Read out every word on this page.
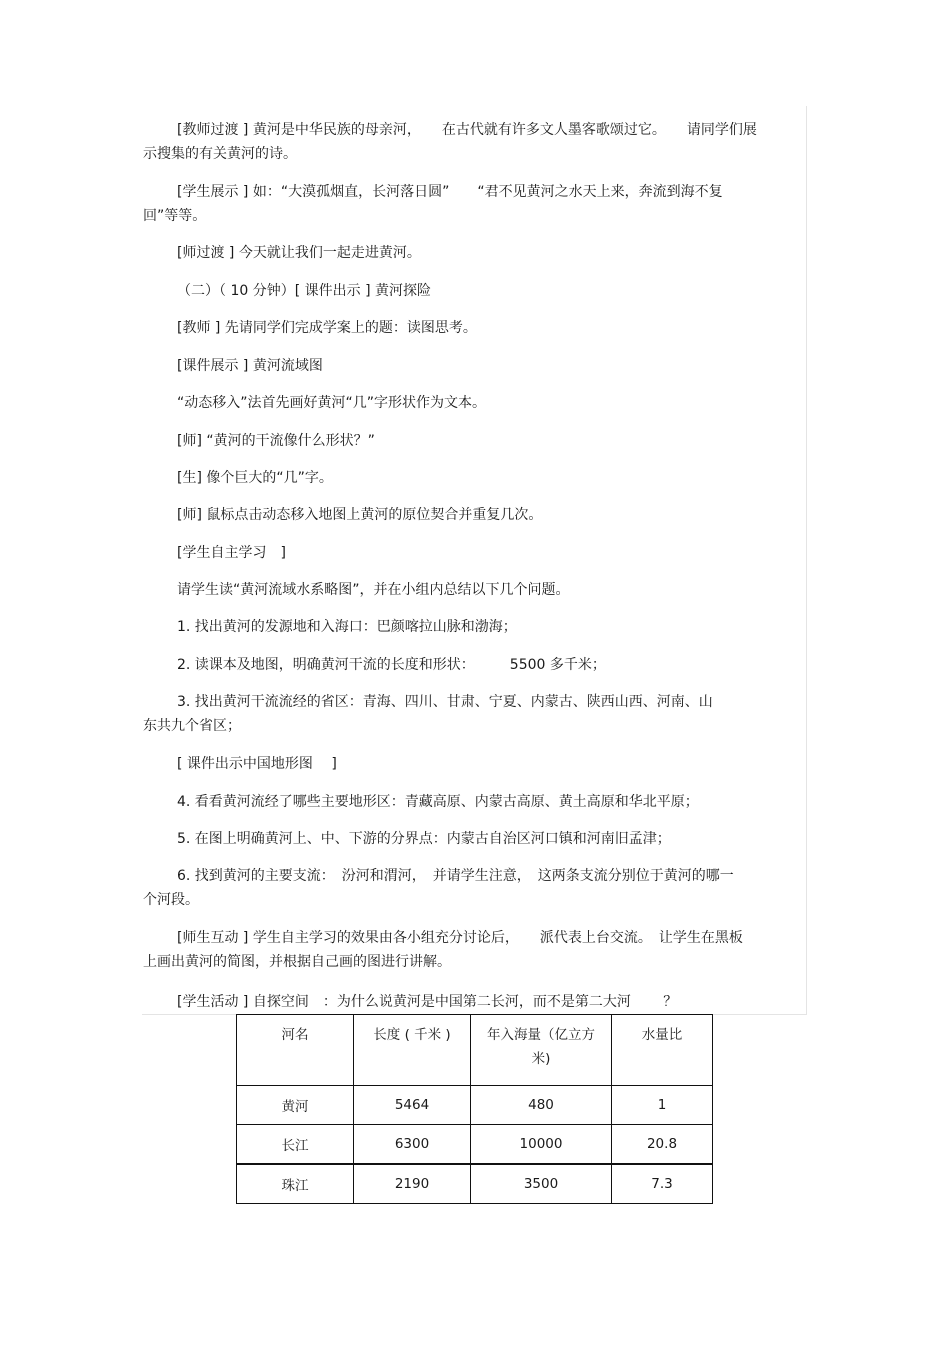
[教师过渡 ] 黄河是中华民族的母亲河，　　在古代就有许多文人墨客歌颂过它。　　请同学们展
示搜集的有关黄河的诗。
[学生展示 ] 如：“大漠孤烟直，长河落日圆”　　“君不见黄河之水天上来，奔流到海不复
回”等等。
[师过渡 ] 今天就让我们一起走进黄河。
（二）（ 10 分钟）[ 课件出示 ] 黄河探险
[教师 ] 先请同学们完成学案上的题：读图思考。
[课件展示 ] 黄河流域图
“动态移入”法首先画好黄河“几”字形状作为文本。
[师] “黄河的干流像什么形状？”
[生] 像个巨大的“几”字。
[师] 鼠标点击动态移入地图上黄河的原位契合并重复几次。
[学生自主学习　]
请学生读“黄河流域水系略图”，并在小组内总结以下几个问题。
1. 找出黄河的发源地和入海口：巴颜喀拉山脉和渤海；
2. 读课本及地图，明确黄河干流的长度和形状：　　　5500 多千米；
3. 找出黄河干流流经的省区：青海、四川、甘肃、宁夏、内蒙古、陕西山西、河南、山
东共九个省区；
[ 课件出示中国地形图　 ]
4. 看看黄河流经了哪些主要地形区：青藏高原、内蒙古高原、黄土高原和华北平原；
5. 在图上明确黄河上、中、下游的分界点：内蒙古自治区河口镇和河南旧孟津；
6. 找到黄河的主要支流：　汾河和渭河，　并请学生注意，　这两条支流分别位于黄河的哪一
个河段。
[师生互动 ] 学生自主学习的效果由各小组充分讨论后，　　派代表上台交流。　让学生在黑板
上画出黄河的简图，并根据自己画的图进行讲解。
[学生活动 ] 自探空间　：为什么说黄河是中国第二长河，而不是第二大河　　 ？
河名	长度 ( 千米 )	年入海量（亿立方
米)	水量比
黄河	5464	480	1
长江	6300	10000	20.8
珠江	2190	3500	7.3
